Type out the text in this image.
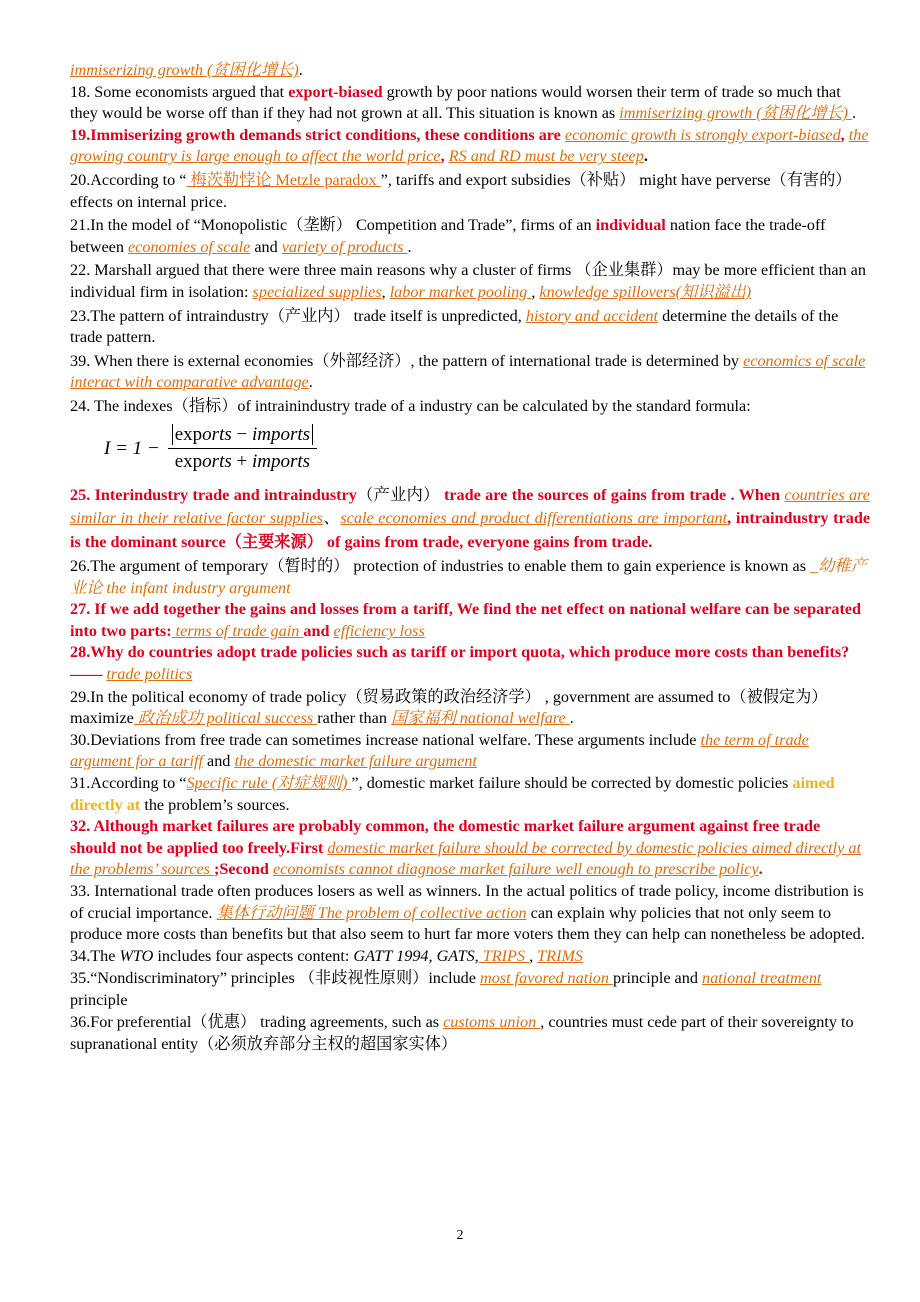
immiserizing growth (贫困化增长).

18. Some economists argued that export-biased growth by poor nations would worsen their term of trade so much that they would be worse off than if they had not grown at all. This situation is known as immiserizing growth (贫困化增长) .

19.Immiserizing growth demands strict conditions, these conditions are economic growth is strongly export-biased, the growing country is large enough to affect the world price, RS and RD must be very steep.

20.According to “ 梅茨勒悖论 Metzle paradox ”, tariffs and export subsidies（补贴） might have perverse（有害的） effects on internal price.

21.In the model of “Monopolistic（垄断） Competition and Trade”, firms of an individual nation face the trade-off between economies of scale and variety of products .

22. Marshall argued that there were three main reasons why a cluster of firms （企业集群）may be more efficient than an individual firm in isolation: specialized supplies, labor market pooling , knowledge spillovers(知识溢出)

23.The pattern of intraindustry（产业内） trade itself is unpredicted, history and accident determine the details of the trade pattern.

39. When there is external economies（外部经济）, the pattern of international trade is determined by economics of scale interact with comparative advantage.

24. The indexes（指标）of intrainindustry trade of a industry can be calculated by the standard formula:

$I = 1 - \frac{\text{exports − imports}}{\text{exports + imports}}$

25. Interindustry trade and intraindustry（产业内） trade are the sources of gains from trade . When countries are similar in their relative factor supplies、scale economies and product differentiations are important, intraindustry trade is the dominant source（主要来源） of gains from trade, everyone gains from trade.

26.The argument of temporary（暂时的） protection of industries to enable them to gain experience is known as _幼稚产业论 the infant industry argument

27. If we add together the gains and losses from a tariff, We find the net effect on national welfare can be separated into two parts: terms of trade gain and efficiency loss

28.Why do countries adopt trade policies such as tariff or import quota, which produce more costs than benefits?—— trade politics

29.In the political economy of trade policy（贸易政策的政治经济学） , government are assumed to（被假定为）maximize 政治成功 political success rather than 国家福利 national welfare .

30.Deviations from free trade can sometimes increase national welfare. These arguments include the term of trade argument for a tariff and the domestic market failure argument

31.According to “Specific rule (对症规则) ”, domestic market failure should be corrected by domestic policies aimed directly at the problem’s sources.

32. Although market failures are probably common, the domestic market failure argument against free trade should not be applied too freely.First domestic market failure should be corrected by domestic policies aimed directly at the problems’ sources ;Second economists cannot diagnose market failure well enough to prescribe policy.

33. International trade often produces losers as well as winners. In the actual politics of trade policy, income distribution is of crucial importance. 集体行动问题 The problem of collective action can explain why policies that not only seem to produce more costs than benefits but that also seem to hurt far more voters them they can help can nonetheless be adopted.

34.The WTO includes four aspects content: GATT 1994, GATS, TRIPS , TRIMS

35.“Nondiscriminatory” principles （非歧视性原则）include most favored nation principle and national treatment principle

36.For preferential（优惠） trading agreements, such as customs union , countries must cede part of their sovereignty to supranational entity（必须放弃部分主权的超国家实体）

2
